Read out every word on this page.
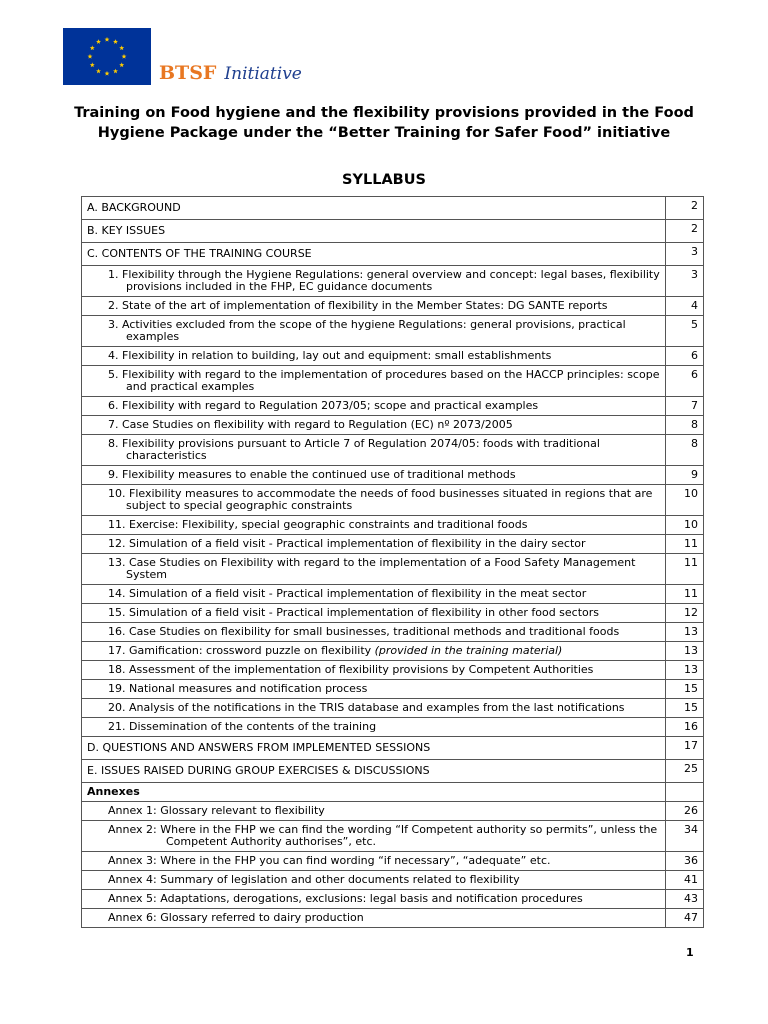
BTSF Initiative
Training on Food hygiene and the flexibility provisions provided in the Food Hygiene Package under the “Better Training for Safer Food” initiative
SYLLABUS
A. BACKGROUND	2
B. KEY ISSUES	2
C. CONTENTS OF THE TRAINING COURSE	3

1. Flexibility through the Hygiene Regulations: general overview and concept: legal bases, flexibility provisions included in the FHP, EC guidance documents	3

2. State of the art of implementation of flexibility in the Member States: DG SANTE reports	4

3. Activities excluded from the scope of the hygiene Regulations: general provisions, practical examples	5

4. Flexibility in relation to building, lay out and equipment: small establishments	6

5. Flexibility with regard to the implementation of procedures based on the HACCP principles: scope and practical examples	6

6. Flexibility with regard to Regulation 2073/05; scope and practical examples	7

7. Case Studies on flexibility with regard to Regulation (EC) nº 2073/2005	8

8. Flexibility provisions pursuant to Article 7 of Regulation 2074/05: foods with traditional characteristics	8

9. Flexibility measures to enable the continued use of traditional methods	9

10. Flexibility measures to accommodate the needs of food businesses situated in regions that are subject to special geographic constraints	10

11. Exercise: Flexibility, special geographic constraints and traditional foods	10

12. Simulation of a field visit - Practical implementation of flexibility in the dairy sector	11

13. Case Studies on Flexibility with regard to the implementation of a Food Safety Management System	11

14. Simulation of a field visit - Practical implementation of flexibility in the meat sector	11

15. Simulation of a field visit - Practical implementation of flexibility in other food sectors	12

16. Case Studies on flexibility for small businesses, traditional methods and traditional foods	13

17. Gamification: crossword puzzle on flexibility (provided in the training material)	13

18. Assessment of the implementation of flexibility provisions by Competent Authorities	13

19. National measures and notification process	15

20. Analysis of the notifications in the TRIS database and examples from the last notifications	15

21. Dissemination of the contents of the training	16
D. QUESTIONS AND ANSWERS FROM IMPLEMENTED SESSIONS	17
E. ISSUES RAISED DURING GROUP EXERCISES & DISCUSSIONS	25
Annexes	

Annex 1: Glossary relevant to flexibility	26

Annex 2: Where in the FHP we can find the wording “If Competent authority so permits”, unless the Competent Authority authorises”, etc.	34

Annex 3: Where in the FHP you can find wording “if necessary”, “adequate” etc.	36

Annex 4: Summary of legislation and other documents related to flexibility	41

Annex 5: Adaptations, derogations, exclusions: legal basis and notification procedures	43

Annex 6: Glossary referred to dairy production	47
1
